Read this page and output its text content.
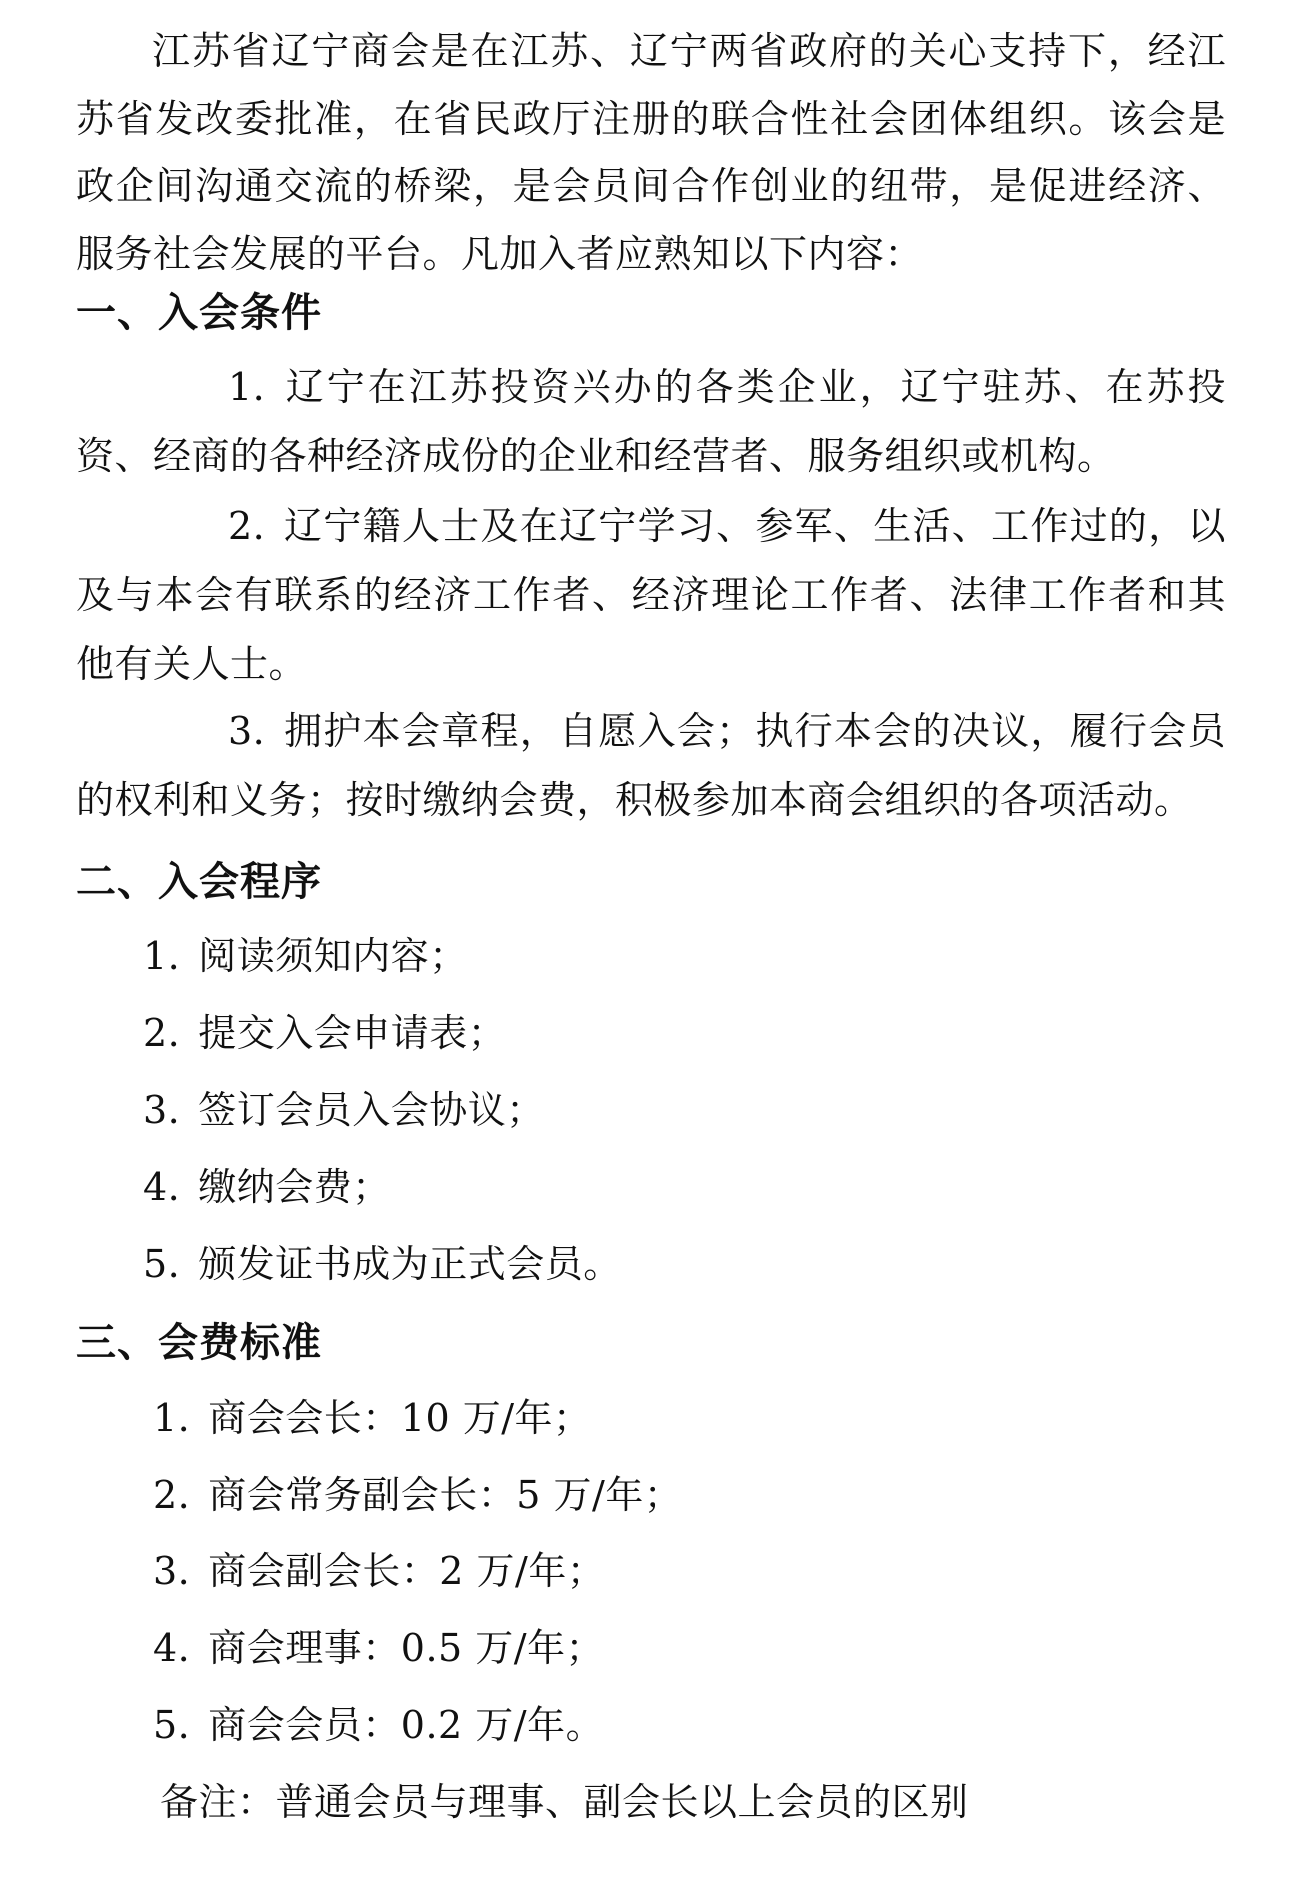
江苏省辽宁商会是在江苏、辽宁两省政府的关心支持下，经江苏省发改委批准，在省民政厅注册的联合性社会团体组织。该会是政企间沟通交流的桥梁，是会员间合作创业的纽带，是促进经济、服务社会发展的平台。凡加入者应熟知以下内容：

一、入会条件

1. 辽宁在江苏投资兴办的各类企业，辽宁驻苏、在苏投资、经商的各种经济成份的企业和经营者、服务组织或机构。

2. 辽宁籍人士及在辽宁学习、参军、生活、工作过的，以及与本会有联系的经济工作者、经济理论工作者、法律工作者和其他有关人士。

3. 拥护本会章程，自愿入会；执行本会的决议，履行会员的权利和义务；按时缴纳会费，积极参加本商会组织的各项活动。

二、入会程序

1. 阅读须知内容；

2. 提交入会申请表；

3. 签订会员入会协议；

4. 缴纳会费；

5. 颁发证书成为正式会员。

三、会费标准

1. 商会会长：10 万/年；

2. 商会常务副会长：5 万/年；

3. 商会副会长：2 万/年；

4. 商会理事：0.5 万/年；

5. 商会会员：0.2 万/年。

备注：普通会员与理事、副会长以上会员的区别
